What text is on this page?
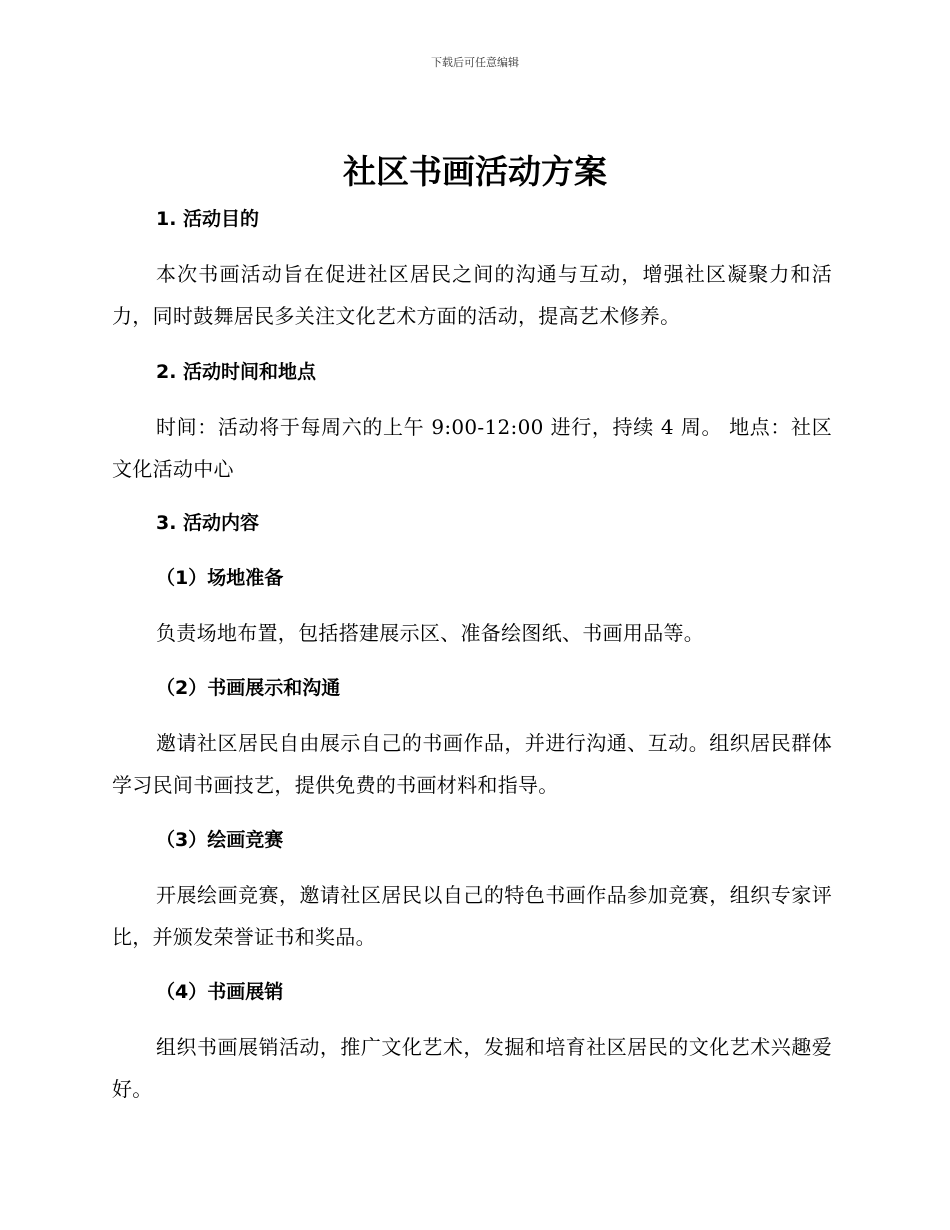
下载后可任意编辑
社区书画活动方案
1. 活动目的
本次书画活动旨在促进社区居民之间的沟通与互动，增强社区凝聚力和活力，同时鼓舞居民多关注文化艺术方面的活动，提高艺术修养。
2. 活动时间和地点
时间：活动将于每周六的上午 9:00-12:00 进行，持续 4 周。 地点：社区文化活动中心
3. 活动内容
（1）场地准备
负责场地布置，包括搭建展示区、准备绘图纸、书画用品等。
（2）书画展示和沟通
邀请社区居民自由展示自己的书画作品，并进行沟通、互动。组织居民群体学习民间书画技艺，提供免费的书画材料和指导。
（3）绘画竞赛
开展绘画竞赛，邀请社区居民以自己的特色书画作品参加竞赛，组织专家评比，并颁发荣誉证书和奖品。
（4）书画展销
组织书画展销活动，推广文化艺术，发掘和培育社区居民的文化艺术兴趣爱好。
